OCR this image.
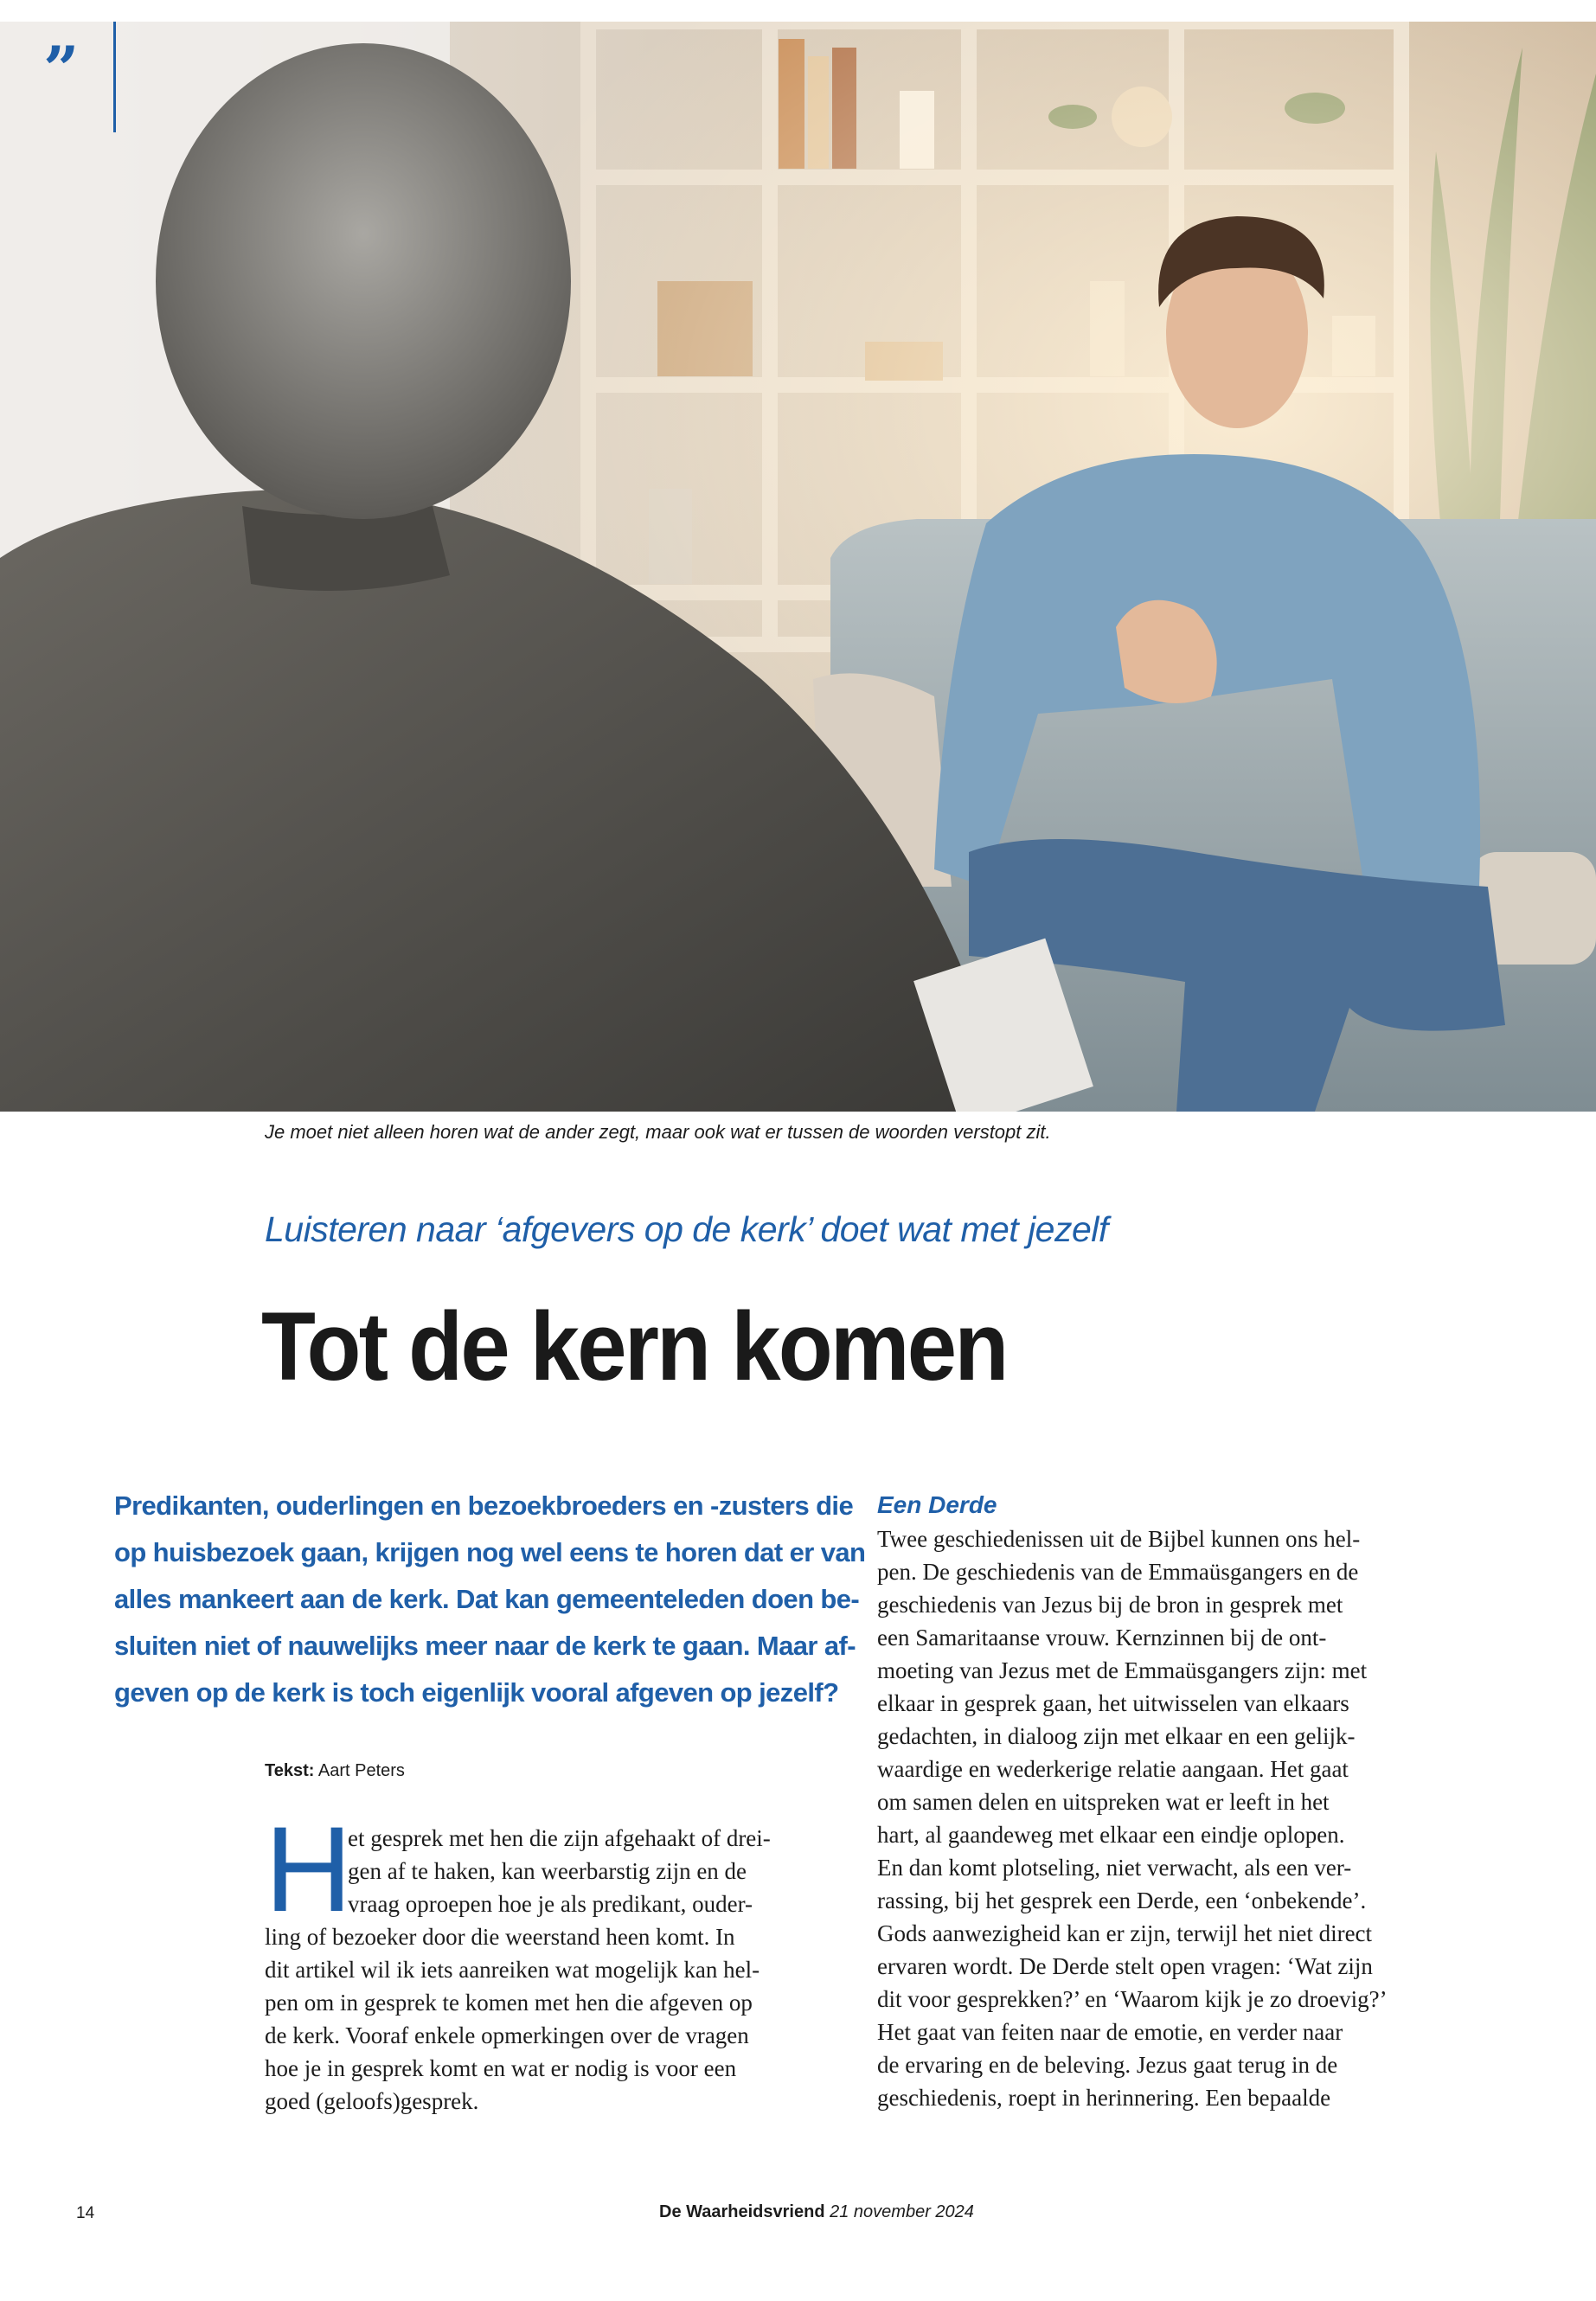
”
Je moet niet alleen horen wat de ander zegt, maar ook wat er tussen de woorden verstopt zit.
Luisteren naar ‘afgevers op de kerk’ doet wat met jezelf
Tot de kern komen
Predikanten, ouderlingen en bezoekbroeders en -zusters die
op huisbezoek gaan, krijgen nog wel eens te horen dat er van
alles mankeert aan de kerk. Dat kan gemeenteleden doen be-
sluiten niet of nauwelijks meer naar de kerk te gaan. Maar af-
geven op de kerk is toch eigenlijk vooral afgeven op jezelf?
Tekst: Aart Peters
H
et gesprek met hen die zijn afgehaakt of drei-
gen af te haken, kan weerbarstig zijn en de
vraag oproepen hoe je als predikant, ouder-
ling of bezoeker door die weerstand heen komt. In
dit artikel wil ik iets aanreiken wat mogelijk kan hel-
pen om in gesprek te komen met hen die afgeven op
de kerk. Vooraf enkele opmerkingen over de vragen
hoe je in gesprek komt en wat er nodig is voor een
goed (geloofs)gesprek.
Een Derde
Twee geschiedenissen uit de Bijbel kunnen ons hel-
pen. De geschiedenis van de Emmaüsgangers en de
geschiedenis van Jezus bij de bron in gesprek met
een Samaritaanse vrouw. Kernzinnen bij de ont-
moeting van Jezus met de Emmaüsgangers zijn: met
elkaar in gesprek gaan, het uitwisselen van elkaars
gedachten, in dialoog zijn met elkaar en een gelijk-
waardige en wederkerige relatie aangaan. Het gaat
om samen delen en uitspreken wat er leeft in het
hart, al gaandeweg met elkaar een eindje oplopen.
En dan komt plotseling, niet verwacht, als een ver-
rassing, bij het gesprek een Derde, een ‘onbekende’.
Gods aanwezigheid kan er zijn, terwijl het niet direct
ervaren wordt. De Derde stelt open vragen: ‘Wat zijn
dit voor gesprekken?’ en ‘Waarom kijk je zo droevig?’
Het gaat van feiten naar de emotie, en verder naar
de ervaring en de beleving. Jezus gaat terug in de
geschiedenis, roept in herinnering. Een bepaalde
14	De Waarheidsvriend 21 november 2024
